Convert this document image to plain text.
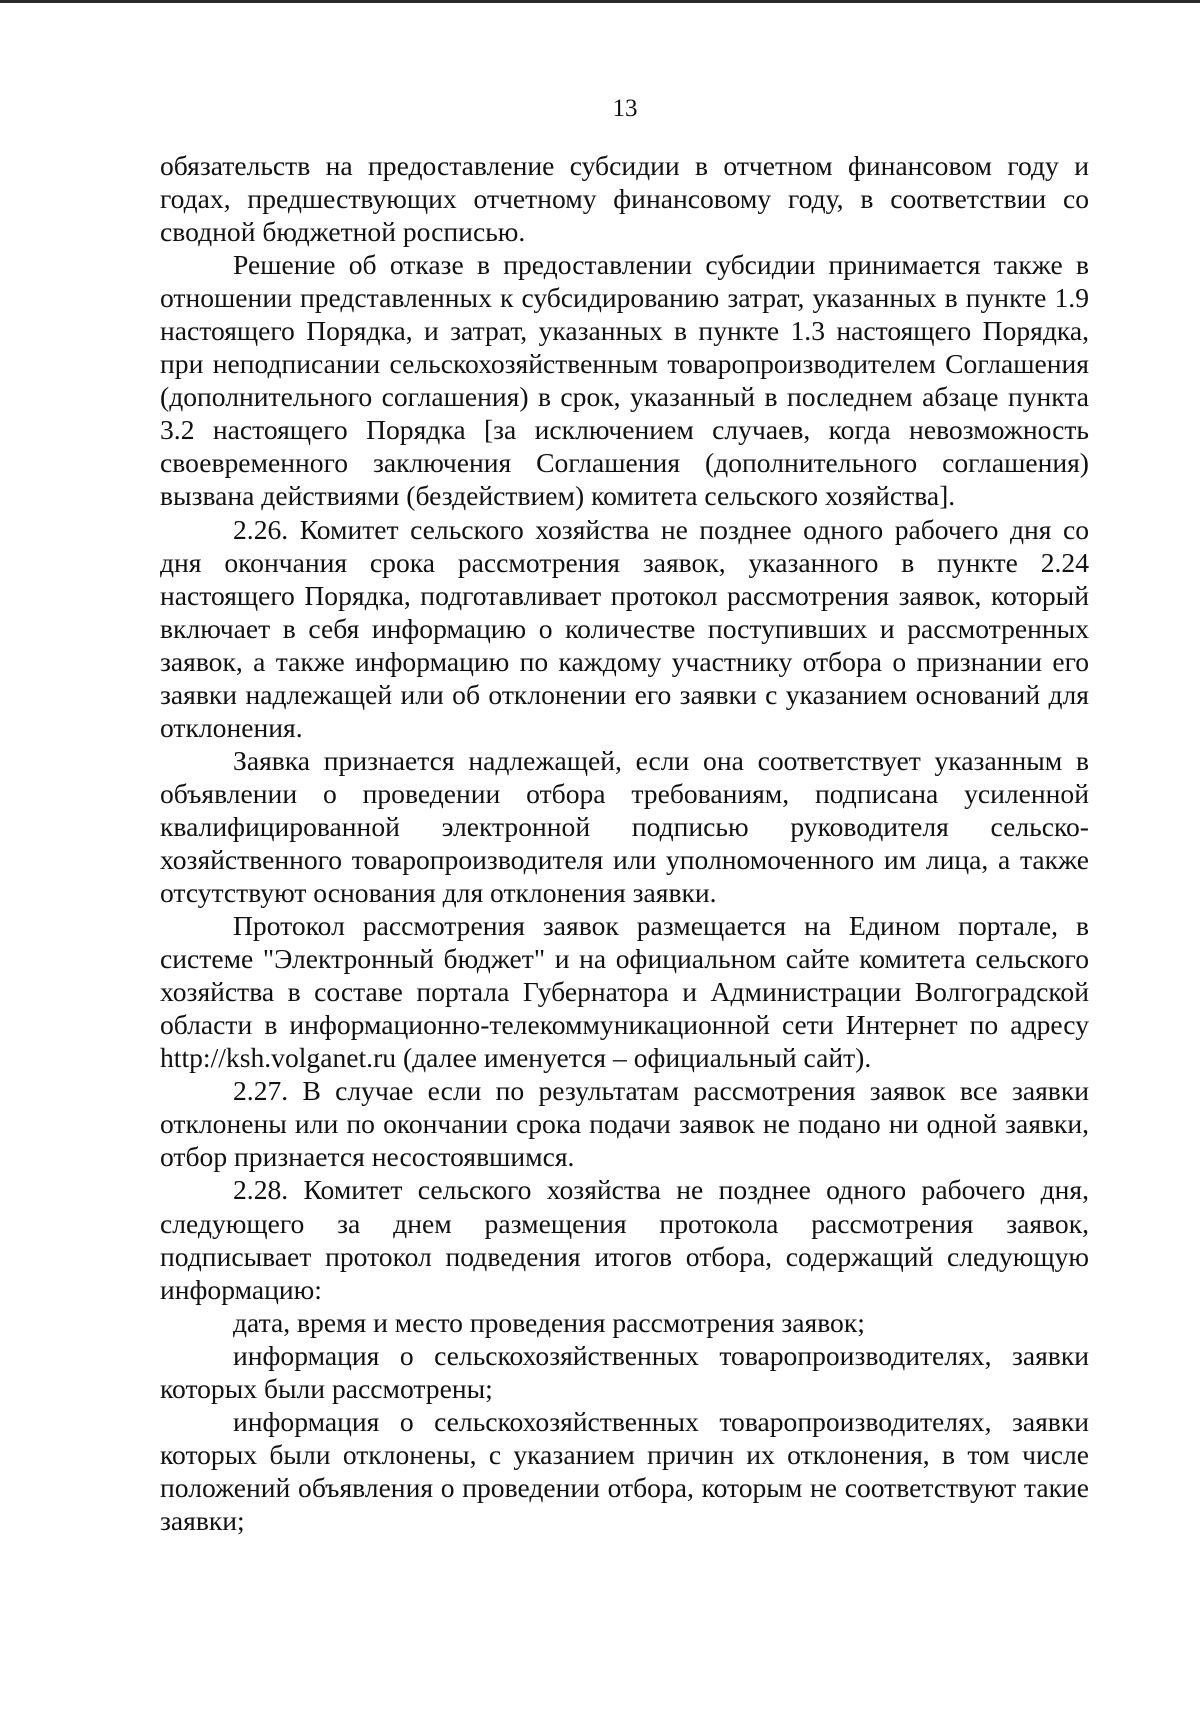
13

обязательств на предоставление субсидии в отчетном финансовом году и годах, предшествующих отчетному финансовому году, в соответствии со сводной бюджетной росписью.

Решение об отказе в предоставлении субсидии принимается также в отношении представленных к субсидированию затрат, указанных в пункте 1.9 настоящего Порядка, и затрат, указанных в пункте 1.3 настоящего Порядка, при неподписании сельскохозяйственным товаропроизводителем Соглашения (дополнительного соглашения) в срок, указанный в последнем абзаце пункта 3.2 настоящего Порядка [за исключением случаев, когда невозможность своевременного заключения Соглашения (дополнительного соглашения) вызвана действиями (бездействием) комитета сельского хозяйства].

2.26. Комитет сельского хозяйства не позднее одного рабочего дня со дня окончания срока рассмотрения заявок, указанного в пункте 2.24 настоящего Порядка, подготавливает протокол рассмотрения заявок, который включает в себя информацию о количестве поступивших и рассмотренных заявок, а также информацию по каждому участнику отбора о признании его заявки надлежащей или об отклонении его заявки с указанием оснований для отклонения.

Заявка признается надлежащей, если она соответствует указанным в объявлении о проведении отбора требованиям, подписана усиленной квалифицированной электронной подписью руководителя сельскохозяйственного товаропроизводителя или уполномоченного им лица, а также отсутствуют основания для отклонения заявки.

Протокол рассмотрения заявок размещается на Едином портале, в системе "Электронный бюджет" и на официальном сайте комитета сельского хозяйства в составе портала Губернатора и Администрации Волгоградской области в информационно-телекоммуникационной сети Интернет по адресу http://ksh.volganet.ru (далее именуется – официальный сайт).

2.27. В случае если по результатам рассмотрения заявок все заявки отклонены или по окончании срока подачи заявок не подано ни одной заявки, отбор признается несостоявшимся.

2.28. Комитет сельского хозяйства не позднее одного рабочего дня, следующего за днем размещения протокола рассмотрения заявок, подписывает протокол подведения итогов отбора, содержащий следующую информацию:

дата, время и место проведения рассмотрения заявок;

информация о сельскохозяйственных товаропроизводителях, заявки которых были рассмотрены;

информация о сельскохозяйственных товаропроизводителях, заявки которых были отклонены, с указанием причин их отклонения, в том числе положений объявления о проведении отбора, которым не соответствуют такие заявки;
